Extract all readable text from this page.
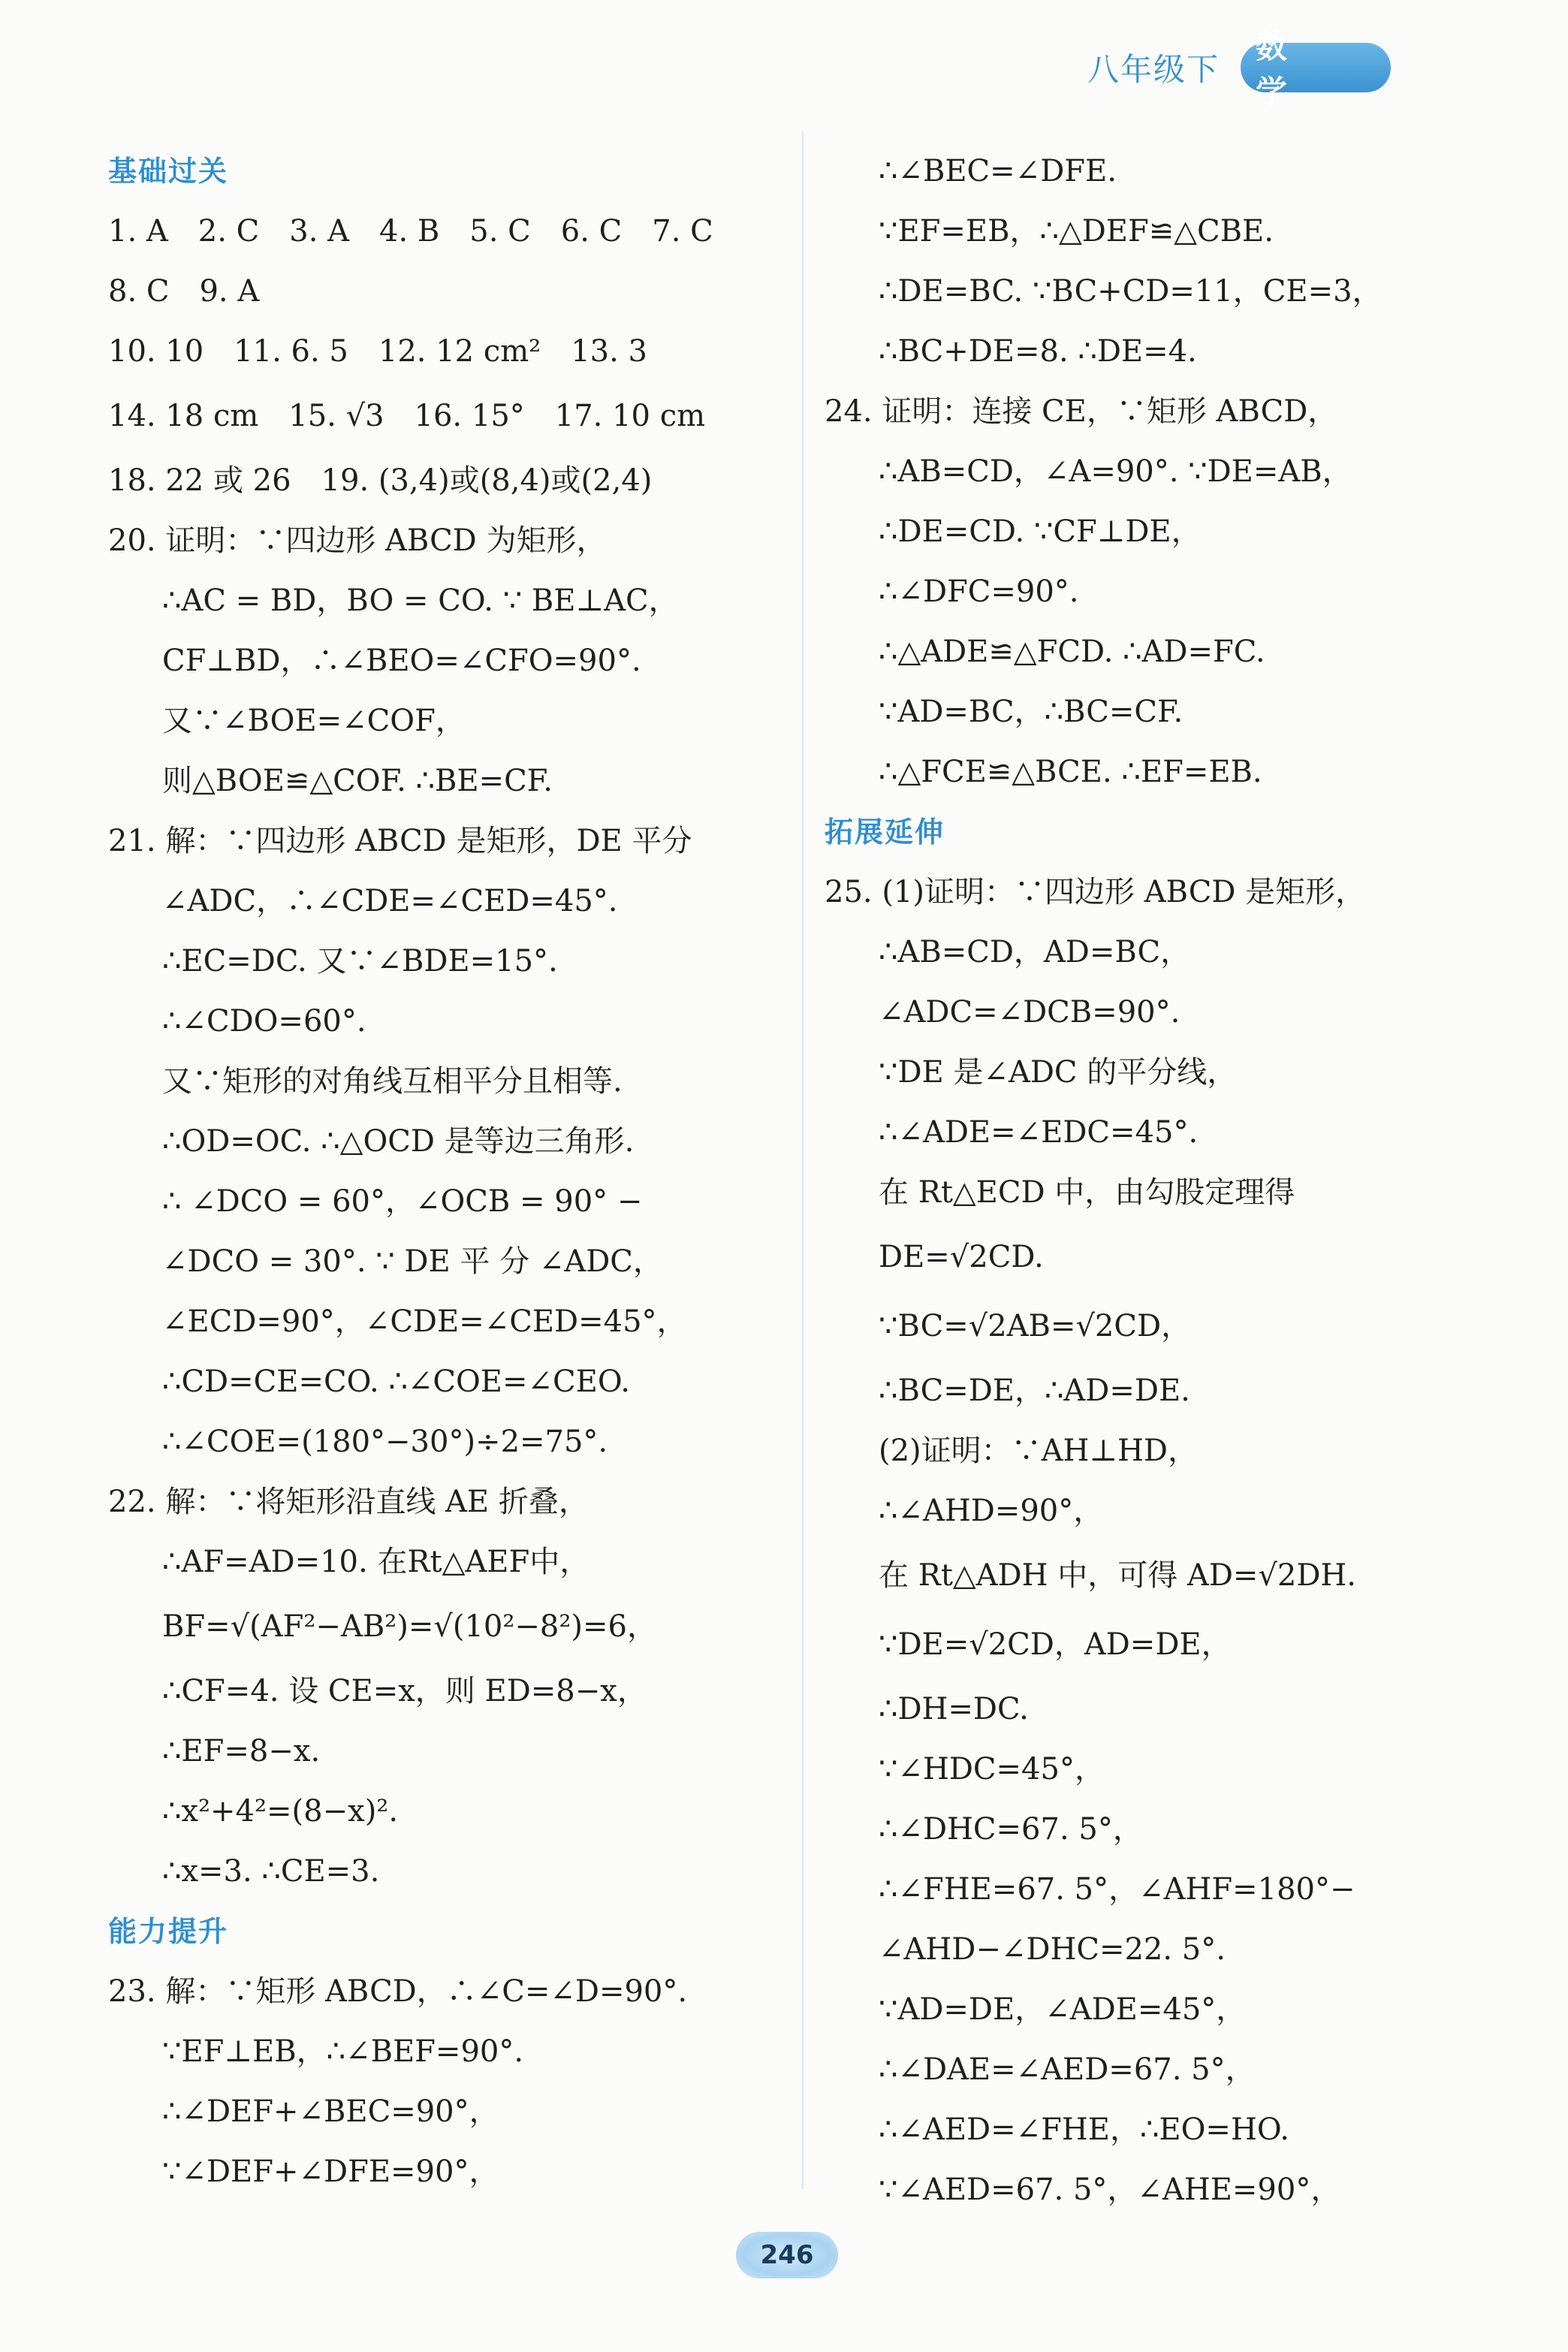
八年级下
数 学
基础过关
1. A　2. C　3. A　4. B　5. C　6. C　7. C
8. C　9. A
10. 10　11. 6. 5　12. 12 cm²　13. 3
14. 18 cm　15. √3　16. 15°　17. 10 cm
18. 22 或 26　19. (3,4)或(8,4)或(2,4)
20. 证明：∵四边形 ABCD 为矩形，
∴AC = BD，BO = CO. ∵ BE⊥AC，
CF⊥BD，∴∠BEO=∠CFO=90°.
又∵∠BOE=∠COF，
则△BOE≌△COF. ∴BE=CF.
21. 解：∵四边形 ABCD 是矩形，DE 平分
∠ADC，∴∠CDE=∠CED=45°.
∴EC=DC. 又∵∠BDE=15°.
∴∠CDO=60°.
又∵矩形的对角线互相平分且相等.
∴OD=OC. ∴△OCD 是等边三角形.
∴ ∠DCO = 60°，∠OCB = 90° −
∠DCO = 30°. ∵ DE 平 分 ∠ADC，
∠ECD=90°，∠CDE=∠CED=45°，
∴CD=CE=CO. ∴∠COE=∠CEO.
∴∠COE=(180°−30°)÷2=75°.
22. 解：∵将矩形沿直线 AE 折叠，
∴AF=AD=10. 在Rt△AEF中，
BF=√(AF²−AB²)=√(10²−8²)=6，
∴CF=4. 设 CE=x，则 ED=8−x，
∴EF=8−x.
∴x²+4²=(8−x)².
∴x=3. ∴CE=3.
能力提升
23. 解：∵矩形 ABCD，∴∠C=∠D=90°.
∵EF⊥EB，∴∠BEF=90°.
∴∠DEF+∠BEC=90°，
∵∠DEF+∠DFE=90°，
∴∠BEC=∠DFE.
∵EF=EB，∴△DEF≌△CBE.
∴DE=BC. ∵BC+CD=11，CE=3，
∴BC+DE=8. ∴DE=4.
24. 证明：连接 CE，∵矩形 ABCD，
∴AB=CD，∠A=90°. ∵DE=AB，
∴DE=CD. ∵CF⊥DE，
∴∠DFC=90°.
∴△ADE≌△FCD. ∴AD=FC.
∵AD=BC，∴BC=CF.
∴△FCE≌△BCE. ∴EF=EB.
拓展延伸
25. (1)证明：∵四边形 ABCD 是矩形，
∴AB=CD，AD=BC，
∠ADC=∠DCB=90°.
∵DE 是∠ADC 的平分线，
∴∠ADE=∠EDC=45°.
在 Rt△ECD 中，由勾股定理得
DE=√2CD.
∵BC=√2AB=√2CD，
∴BC=DE，∴AD=DE.
(2)证明：∵AH⊥HD，
∴∠AHD=90°，
在 Rt△ADH 中，可得 AD=√2DH.
∵DE=√2CD，AD=DE，
∴DH=DC.
∵∠HDC=45°，
∴∠DHC=67. 5°，
∴∠FHE=67. 5°，∠AHF=180°−
∠AHD−∠DHC=22. 5°.
∵AD=DE，∠ADE=45°，
∴∠DAE=∠AED=67. 5°，
∴∠AED=∠FHE，∴EO=HO.
∵∠AED=67. 5°，∠AHE=90°，
246
